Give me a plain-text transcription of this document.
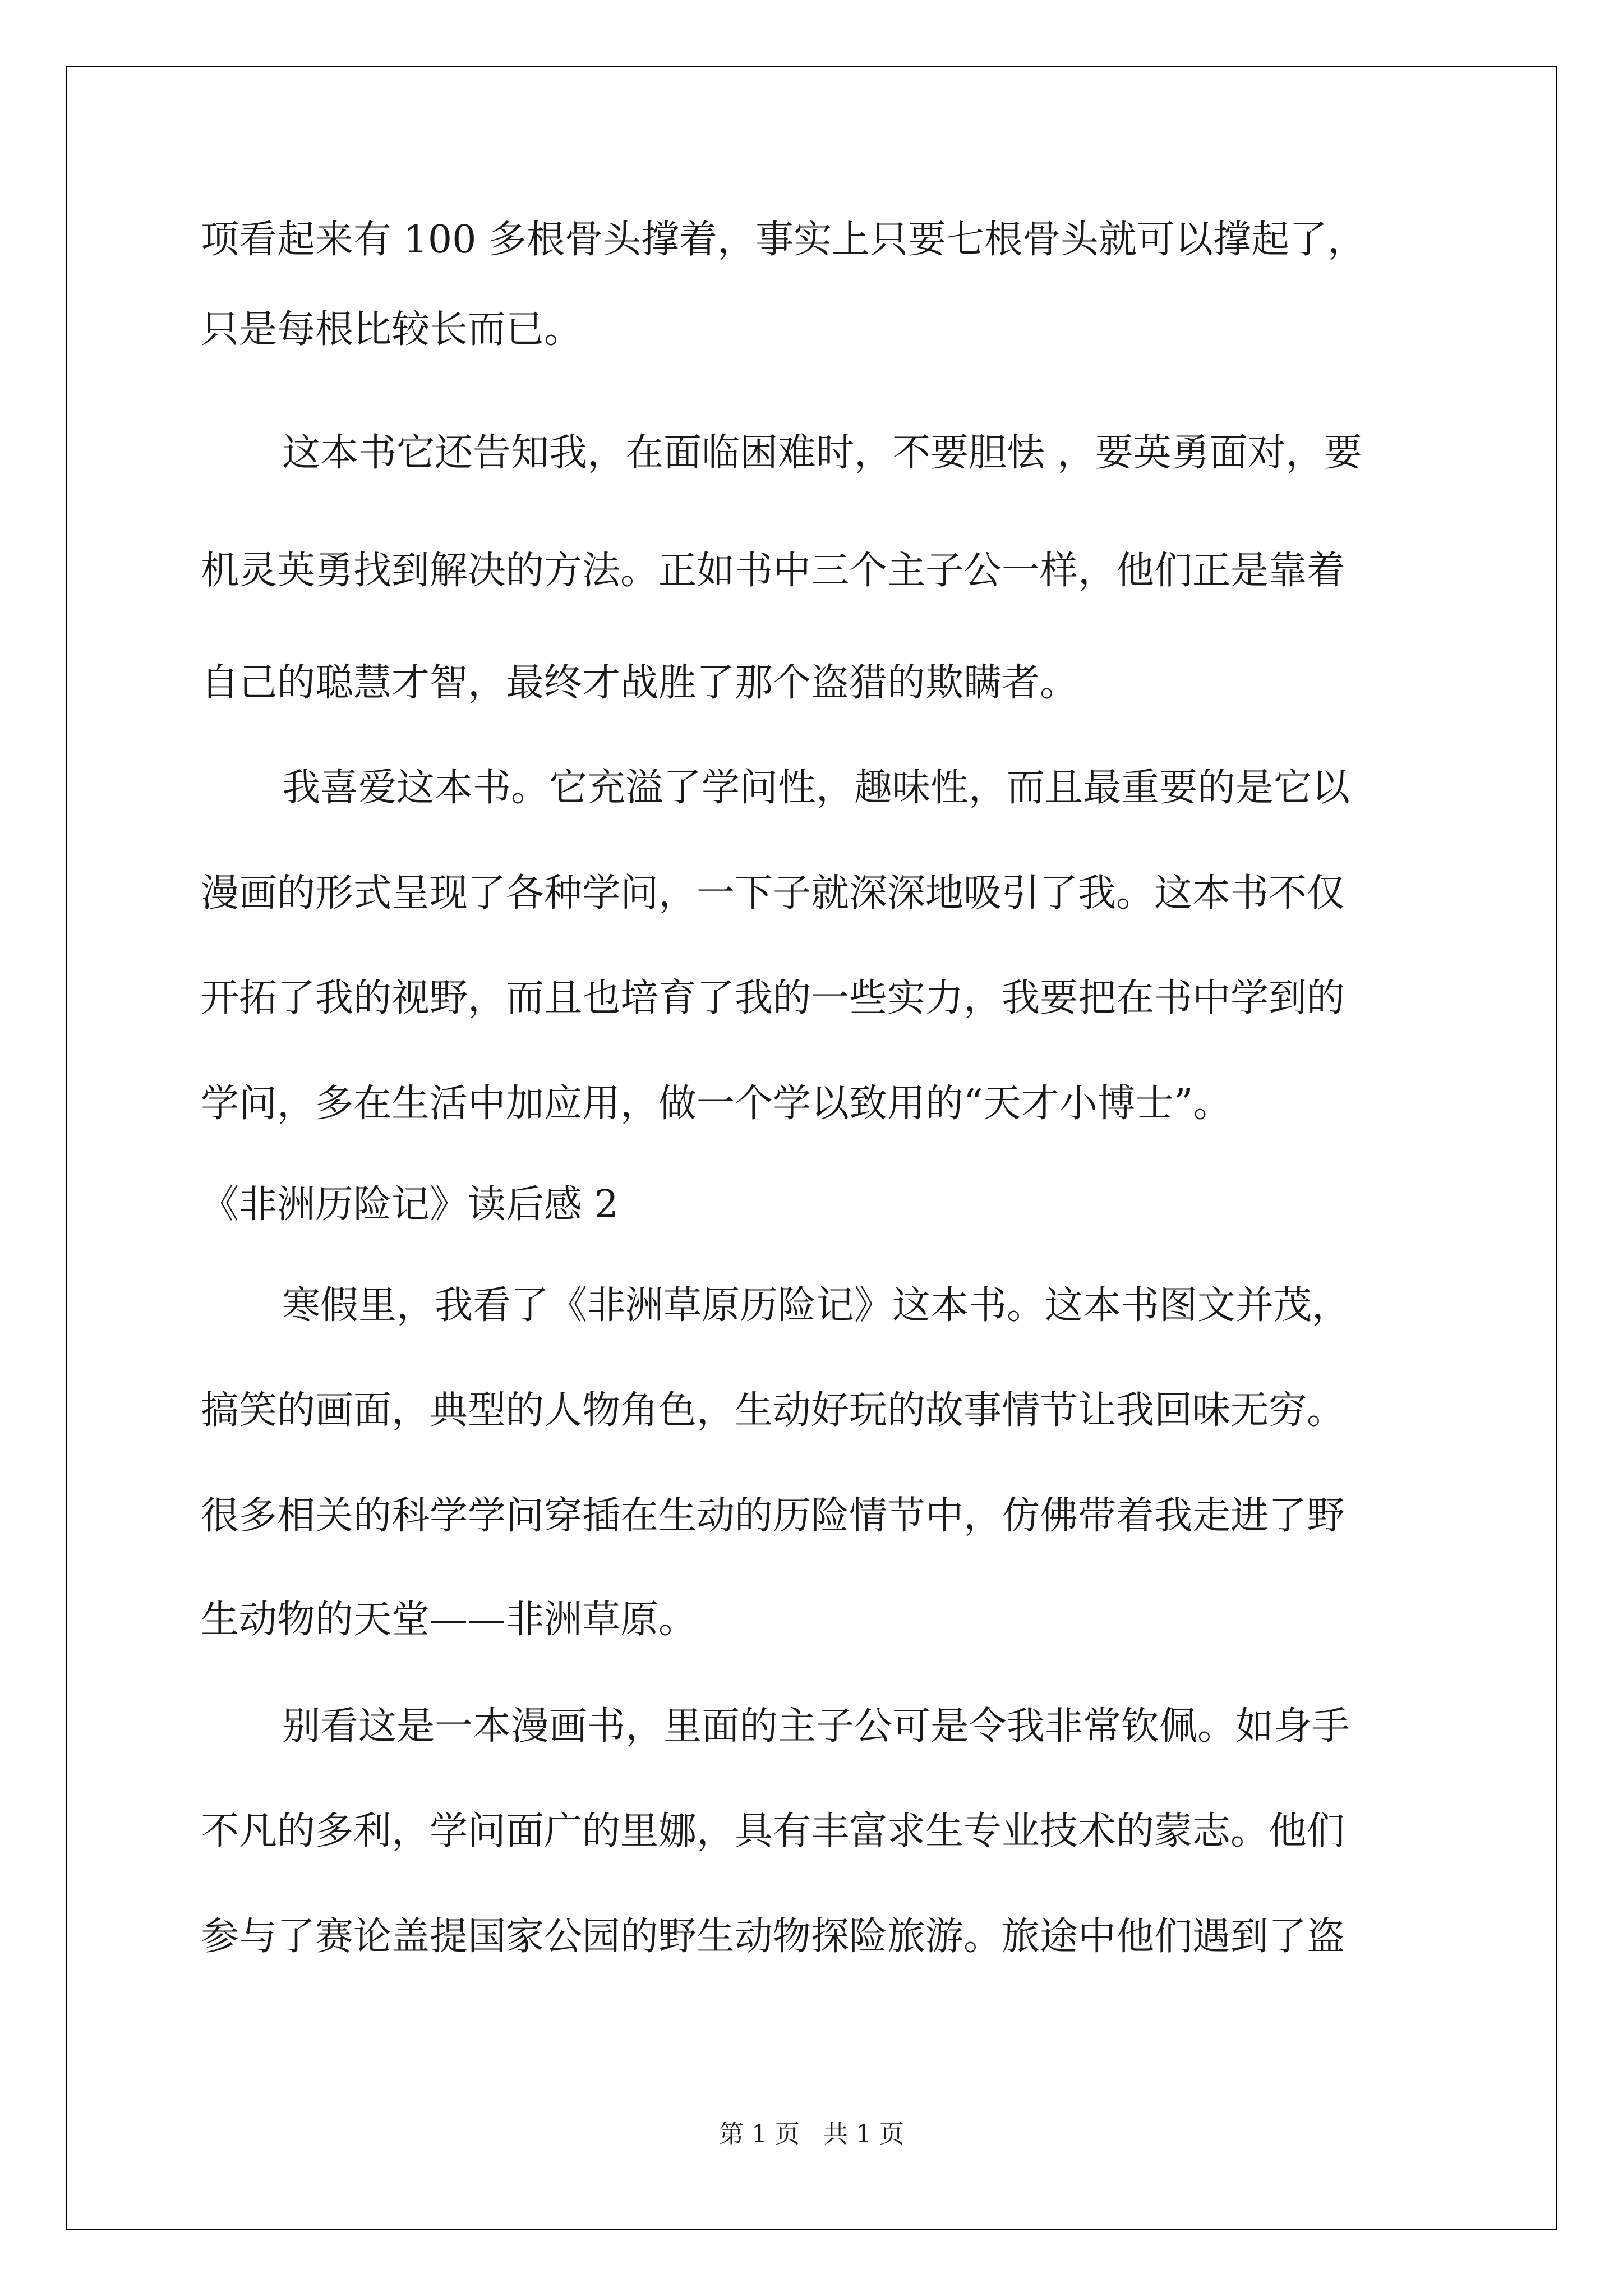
项看起来有 100 多根骨头撑着，事实上只要七根骨头就可以撑起了，

只是每根比较长而已。

这本书它还告知我，在面临困难时，不要胆怯 ，要英勇面对，要

机灵英勇找到解决的方法。正如书中三个主子公一样，他们正是靠着

自己的聪慧才智，最终才战胜了那个盗猎的欺瞒者。

我喜爱这本书。它充溢了学问性，趣味性，而且最重要的是它以

漫画的形式呈现了各种学问，一下子就深深地吸引了我。这本书不仅

开拓了我的视野，而且也培育了我的一些实力，我要把在书中学到的

学问，多在生活中加应用，做一个学以致用的“天才小博士”。

《非洲历险记》读后感 2

寒假里，我看了《非洲草原历险记》这本书。这本书图文并茂，

搞笑的画面，典型的人物角色，生动好玩的故事情节让我回味无穷。

很多相关的科学学问穿插在生动的历险情节中，仿佛带着我走进了野

生动物的天堂——非洲草原。

别看这是一本漫画书，里面的主子公可是令我非常钦佩。如身手

不凡的多利，学问面广的里娜，具有丰富求生专业技术的蒙志。他们

参与了赛论盖提国家公园的野生动物探险旅游。旅途中他们遇到了盗

第 1 页   共 1 页
